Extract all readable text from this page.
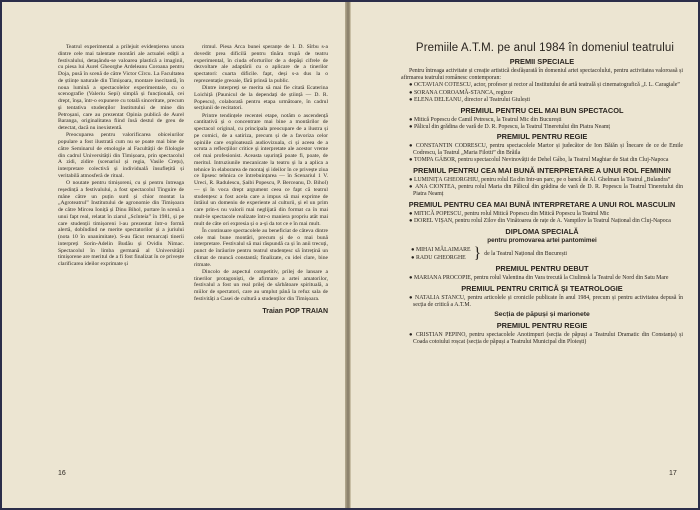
Teatrul experimental a prilejuit evidențierea unora dintre cele mai talentate montări ale actualei ediții a festivalului, detașându-se valoarea plastică a imaginii, cu piesa lui Aurel Gheorghe Ardeleanu Coroana pentru Doja, pusă în scenă de către Victor Cîrcu. La Facultatea de științe naturale din Timișoara, montare inecitantă, în noua lumină a spectacolelor experimentale, cu o scenografie (Valeriu Sepi) simplă și funcțională, cei drept, înșa, într-o expunere cu totală sinceritate, precum și tentativa studenților Institutului de mine din Petroșani, care au prezentat Opinia publică de Aurel Baranga, originalitatea fiind însă destul de greu de detectat, dacă nu inexistentă.

Preocuparea pentru valorificarea obiceiurilor populare a fost ilustrată cum nu se poate mai bine de către Seminarul de etnologie al Facultății de filologie din cadrul Universității din Timișoara, prin spectacolul A zidi, zidire (scenariul și regia, Vasile Crețu), interpretare colectivă și individuală însuflețită și veritabilă atmosferă de ritual.

O noutate pentru timișoreni, cu și pentru întreaga reședință a festivalului, a fost spectacolul Tinguire de mâne către un puțin surd și chior montat la „Agroteatrul” Institutului de agronomie din Timișoara de către Mircea Ioniță și Dinu Bihol, purtare în scenă a unui fapt real, relatat în ziarul „Scînteia” în 1981, și pe care studenții timișoreni l-au prezentat într-o formă alertă, dobîndind ne merite spectatorilor și a juriului (nota 10 în unanimitate). S-au făcut remarcați tinerii interpreți Sorin-Adelin Budău și Ovidiu Nimac. Spectacolul în limba germană al Universității timișorene are meritul de a fi fost finalizat în ce privește clarificarea ideilor exprimate și

ritmul. Piesa Arca bunei speranțe de I. D. Sîrbu s-a dovedit prea dificilă pentru tînăra trupă de teatru experimental, în ciuda eforturilor de a depăși cifrele de dezvoltare ale adaptării cu o aplicare de a tinerilor spectatori: cuarta dificile. fapt, deși s-a dus la o reprezentație greoaie, fără prinsă la public.

Dintre interpreți se merita să mai fie citată Ecaterina Loichiță (Paunicul de la dependați de știință — D. R. Popescu), colaborată pentru etapa următoare, în cadrul secțiunii de recitatori.

Printre tendințele recentei etape, notăm o ascendență cantitativă și o concentrare mai bine a montărilor de spectacol original, cu principala preocupare de a ilustra și pe comici, de a satiriza, precum și de a favoriza celor opiniile care exploatează audiovizuala, ci și aceea de a scruta a reflecțiilor critice și interpretate ale acestor vreme cel mai profesionist. Aceasta ușurință poate fi, poate, de meritul. Intruziunile mecanicate la teatru și la a aplica a tehnice în elaborarea de montaj și ideilor în ce privește ziua ce lipsesc tehnica ce întrebuințarea — în Scenariul 1 V. Ureci, R. Radulescu, Șaibi Popescu, P. Berceanu, D. Bihol) — și în voca drept argument ceea ce fapt că teatrul studențesc a fost acela care a impus să mai exprime de întâiul un domeniu de experiente al culturii, și el un prim care prin-s nu valorii mai neglijată din format ca în mai mult-le spectacole realizate într-o maniera propriu atât mai mult de câte ori expresia și o a-și da tot ce e în mai mult.

În continuare spectacolele au beneficiat de câteva dintre cele mai bune montări, precum și de o mai bună interpretare. Festivalul să mai răspundă ca și în anii trecuți, punct de înrâurire pentru teatrul studențesc să întrețină un climat de muncă constantă; finalizate, cu idei clare, bine ritmate.

Dincolo de aspectul competitiv, prilej de lansare a tinerilor protagoniști, de afirmare a artei amatorilor, festivalul a fost un real prilej de sărbătoare spirituală, a miilor de spectatori, care au umplut până la refuz sala de festivități a Casei de cultură a studenților din Timișoara.

Traian POP TRAIAN
16
Premiile A.T.M. pe anul 1984 în domeniul teatrului
PREMII SPECIALE
Pentru întreaga activitate și creație artistică desfășurată în domeniul artei spectacolului, pentru activitatea valoroasă și afirmarea teatrului românesc contemporan:
● OCTAVIAN COTESCU, actor, profesor și rector al Institutului de artă teatrală și cinematografică „I. L. Caragiale”
● SORANA COROAMĂ-STANCA, regizor
● ELENA DELEANU, director al Teatrului Giulești
PREMIUL PENTRU CEL MAI BUN SPECTACOL
● Mitică Popescu de Camil Petrescu, la Teatrul Mic din București
● Pălicul din grădina de vară de D. R. Popescu, la Teatrul Tineretului din Piatra Neamț
PREMIUL PENTRU REGIE
● CONSTANTIN CODRESCU, pentru spectacolele Martor și judecător de Ion Băiăn și Înecare de ce de Emile Codrescu, la Teatrul „Maria Filotti” din Brăila
● TOMPA GÁBOR, pentru spectacolul Nevinovății de Dehel Gábo, la Teatrul Maghiar de Stat din Cluj-Napoca
PREMIUL PENTRU CEA MAI BUNĂ INTERPRETARE A UNUI ROL FEMININ
● LUMINIȚA GHEORGHIU, pentru rolul Ea din Intr-un parc, pe o bancă de Al. Ghelman la Teatrul „Bulandra”
● ANA CIONTEA, pentru rolul Maria din Pălicul din grădina de vară de D. R. Popescu la Teatrul Tineretului din Piatra Neamț
PREMIUL PENTRU CEA MAI BUNĂ INTERPRETARE A UNUI ROL MASCULIN
● MITICĂ POPESCU, pentru rolul Mitică Popescu din Mitică Popescu la Teatrul Mic
● DOREL VIȘAN, pentru rolul Zilov din Vinătoarea de rațe de A. Vampilov la Teatrul Național din Cluj-Napoca
DIPLOMA SPECIALĂ
pentru promovarea artei pantomimei
● MIHAI MĂLAIMARE
● RADU GHEORGHE } de la Teatrul Național din București
PREMIUL PENTRU DEBUT
● MARIANA PROCOPIE, pentru rolul Valentina din Vara trecută la Ciulimsk la Teatrul de Nord din Satu Mare
PREMIUL PENTRU CRITICĂ ȘI TEATROLOGIE
● NATALIA STANCU, pentru articolele și cronicile publicate în anul 1984, precum și pentru activitatea depusă în secția de critică a A.T.M.
Secția de păpuși și marionete
PREMIUL PENTRU REGIE
● CRISTIAN PEPINO, pentru spectacolele Anotimpuri (secția de păpuși a Teatrului Dramatic din Constanța) și Coada cotoiului roșcat (secția de păpuși a Teatrului Municipal din Ploiești)
17
